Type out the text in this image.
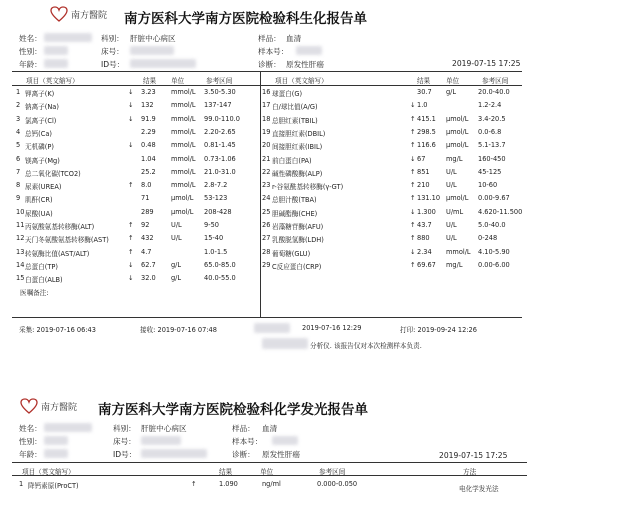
南方醫院 南方医科大学南方医院检验科生化报告单
姓名：
性别：
年龄：
科别： 肝脏中心病区
床号：
ID号：
样品： 血清
样本号：
诊断： 原发性肝癌	2019-07-15 17:25
项目（英文缩写）	结果 单位	参考区间	项目（英文缩写）	结果 单位	参考区间
1 钾离子(K)	↓ 3.23 mmol/L 3.50-5.30
2 钠离子(Na)	↓ 132	mmol/L 137-147
3 氯离子(Cl)	↓ 91.9 mmol/L 99.0-110.0
4 总钙(Ca)	2.29 mmol/L 2.20-2.65
5 无机磷(P)	↓ 0.48 mmol/L 0.81-1.45
6 镁离子(Mg)	1.04 mmol/L 0.73-1.06
7 总二氧化碳(TCO2)	25.2 mmol/L 21.0-31.0
8 尿素(UREA)	↑ 8.0	mmol/L 2.8-7.2
9 肌酐(CR)	71	μmol/L 53-123
10 尿酸(UA)	289	μmol/L 208-428
11 丙氨酸氨基转移酶(ALT)	↑ 92	U/L	9-50
12 天门冬氨酸氨基转移酶(AST)	↑ 432	U/L	15-40
13 转氨酶比值(AST/ALT)	↑ 4.7	1.0-1.5
14 总蛋白(TP)	↓ 62.7 g/L	65.0-85.0
15 白蛋白(ALB)	↓ 32.0 g/L	40.0-55.0
16 球蛋白(G)	30.7 g/L	20.0-40.0
17 白/球比值(A/G)	↓ 1.0	1.2-2.4
18 总胆红素(TBIL)	↑ 415.1 μmol/L 3.4-20.5
19 直接胆红素(DBIL)	↑ 298.5 μmol/L 0.0-6.8
20 间接胆红素(IBIL)	↑ 116.6 μmol/L 5.1-13.7
21 前白蛋白(PA)	↓ 67	mg/L 160-450
22 碱性磷酸酶(ALP)	↑ 851 U/L	45-125
23 r-谷氨酰基转移酶(γ-GT)	↑ 210 U/L	10-60
24 总胆汁酸(TBA)	↑ 131.10 μmol/L 0.00-9.67
25 胆碱酯酶(CHE)	↓ 1.300 U/mL 4.620-11.500
26 岩藻糖苷酶(AFU)	↑ 43.7 U/L	5.0-40.0
27 乳酸脱氢酶(LDH)	↑ 880 U/L	0-248
28 葡萄糖(GLU)	↓ 2.34 mmol/L 4.10-5.90
29 C反应蛋白(CRP)	↑ 69.67 mg/L 0.00-6.00
医嘱备注:
采集: 2019-07-16 06:43	接收: 2019-07-16 07:48	2019-07-16 12:29	打印: 2019-09-24 12:26
分析仪. 该报告仅对本次检测样本负责.
南方醫院 南方医科大学南方医院检验科化学发光报告单
姓名：
性别：
年龄：
科别： 肝脏中心病区
床号：
ID号：
样品： 血清
样本号：
诊断： 原发性肝癌	2019-07-15 17:25
项目（英文缩写）	结果	单位	参考区间	方法
1 降钙素原(ProCT)	↑	1.090	ng/ml	0.000-0.050
电化学发光法
